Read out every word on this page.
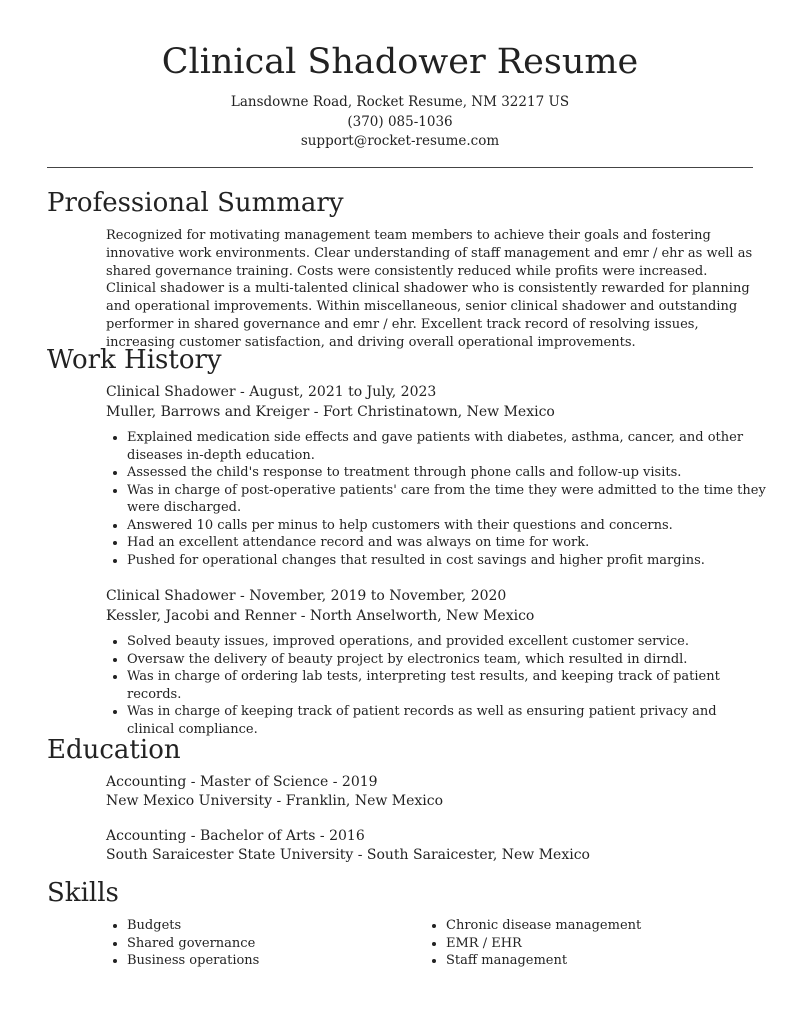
Clinical Shadower Resume
Lansdowne Road, Rocket Resume, NM 32217 US
(370) 085-1036
support@rocket-resume.com
Professional Summary

Recognized for motivating management team members to achieve their goals and fostering innovative work environments. Clear understanding of staff management and emr / ehr as well as shared governance training. Costs were consistently reduced while profits were increased. Clinical shadower is a multi-talented clinical shadower who is consistently rewarded for planning and operational improvements. Within miscellaneous, senior clinical shadower and outstanding performer in shared governance and emr / ehr. Excellent track record of resolving issues, increasing customer satisfaction, and driving overall operational improvements.

Work History
Clinical Shadower - August, 2021 to July, 2023
Muller, Barrows and Kreiger - Fort Christinatown, New Mexico
• Explained medication side effects and gave patients with diabetes, asthma, cancer, and other diseases in-depth education.
• Assessed the child's response to treatment through phone calls and follow-up visits.
• Was in charge of post-operative patients' care from the time they were admitted to the time they were discharged.
• Answered 10 calls per minus to help customers with their questions and concerns.
• Had an excellent attendance record and was always on time for work.
• Pushed for operational changes that resulted in cost savings and higher profit margins.
Clinical Shadower - November, 2019 to November, 2020
Kessler, Jacobi and Renner - North Anselworth, New Mexico
• Solved beauty issues, improved operations, and provided excellent customer service.
• Oversaw the delivery of beauty project by electronics team, which resulted in dirndl.
• Was in charge of ordering lab tests, interpreting test results, and keeping track of patient records.
• Was in charge of keeping track of patient records as well as ensuring patient privacy and clinical compliance.
Education
Accounting - Master of Science - 2019
New Mexico University - Franklin, New Mexico
Accounting - Bachelor of Arts - 2016
South Saraicester State University - South Saraicester, New Mexico
Skills
• Budgets
• Shared governance
• Business operations
• Chronic disease management
• EMR / EHR
• Staff management
